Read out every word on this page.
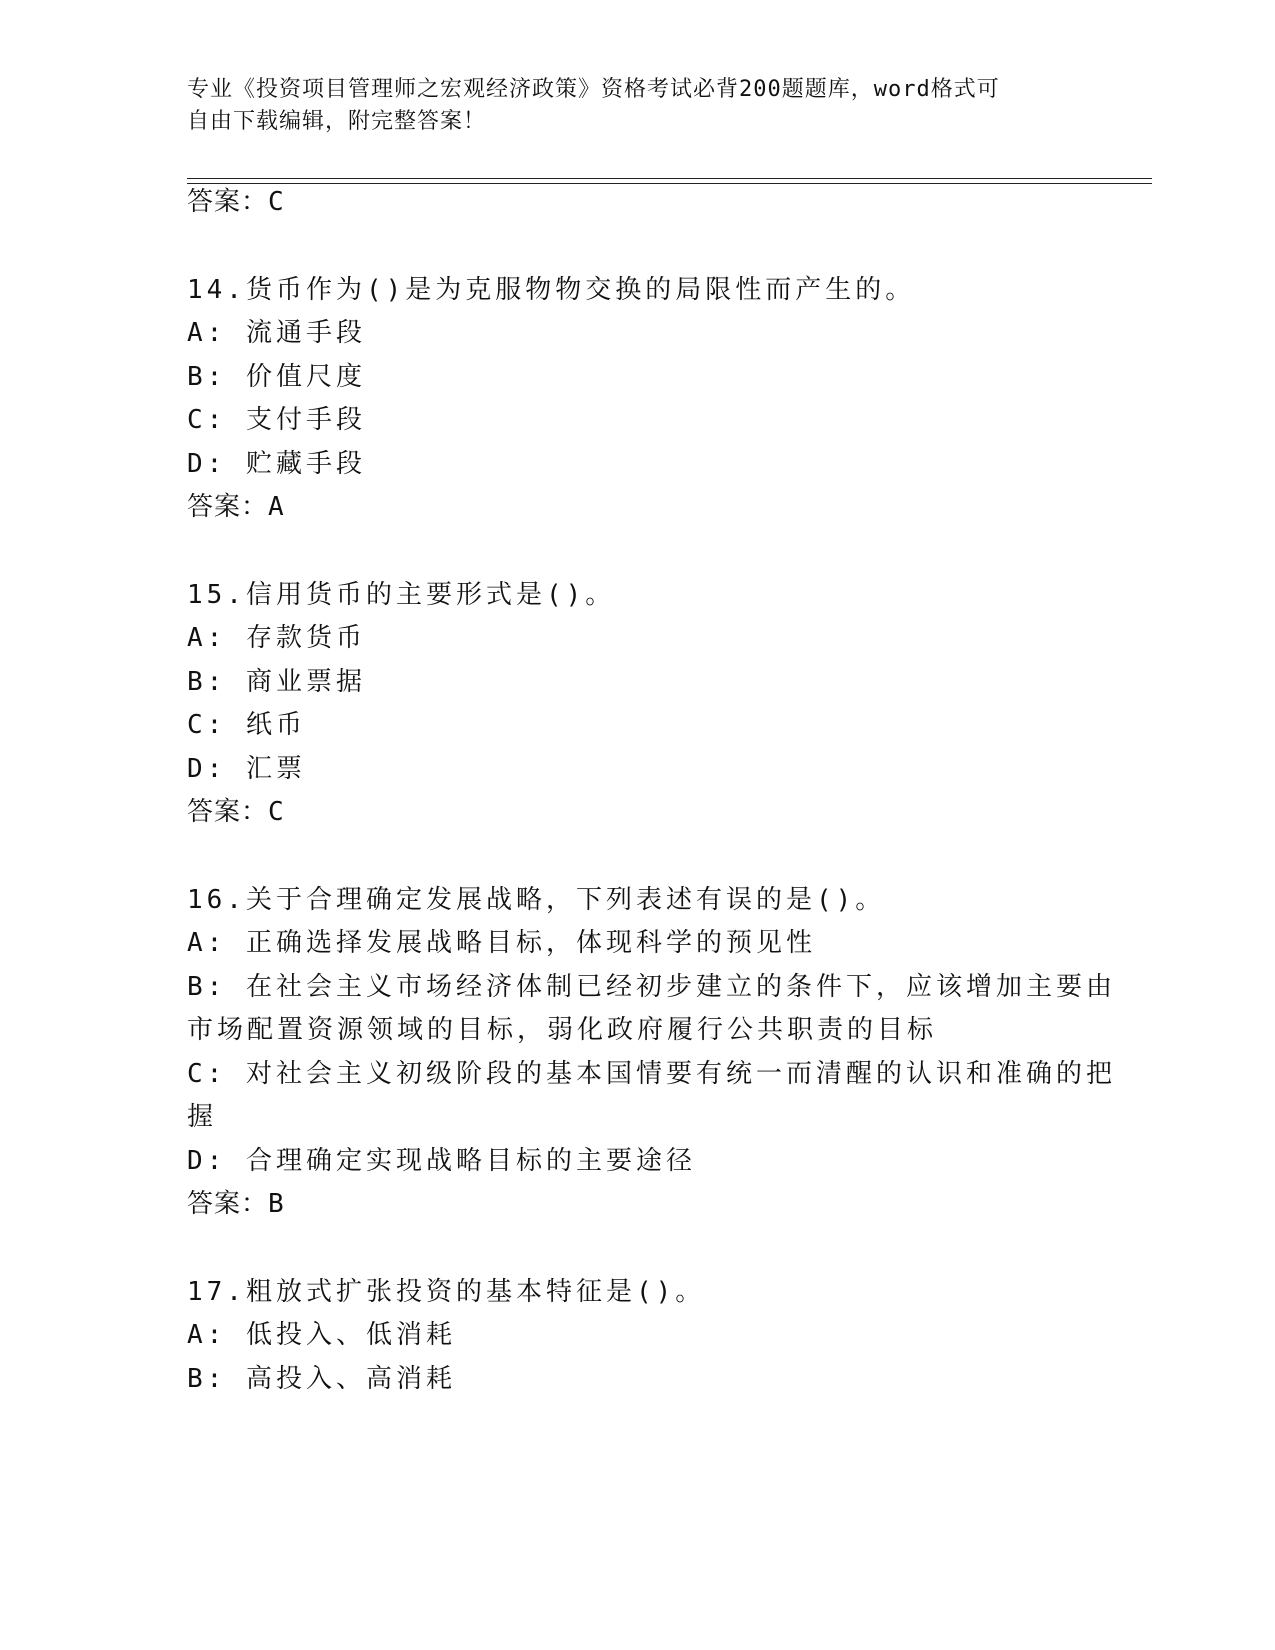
专业《投资项目管理师之宏观经济政策》资格考试必背200题题库，word格式可
自由下载编辑，附完整答案！
答案：C
14.货币作为()是为克服物物交换的局限性而产生的。
A: 流通手段
B: 价值尺度
C: 支付手段
D: 贮藏手段
答案：A
15.信用货币的主要形式是()。
A: 存款货币
B: 商业票据
C: 纸币
D: 汇票
答案：C
16.关于合理确定发展战略，下列表述有误的是()。
A: 正确选择发展战略目标，体现科学的预见性
B: 在社会主义市场经济体制已经初步建立的条件下，应该增加主要由
市场配置资源领域的目标，弱化政府履行公共职责的目标
C: 对社会主义初级阶段的基本国情要有统一而清醒的认识和准确的把
握
D: 合理确定实现战略目标的主要途径
答案：B
17.粗放式扩张投资的基本特征是()。
A: 低投入、低消耗
B: 高投入、高消耗
